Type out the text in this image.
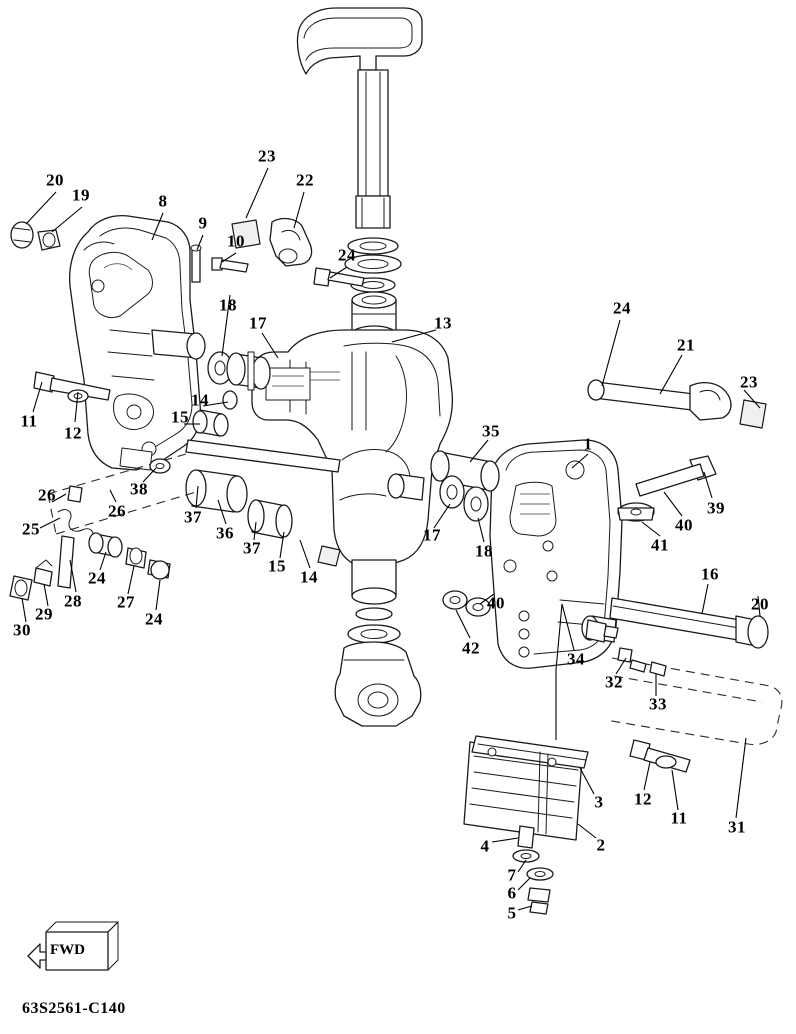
FWD
63S2561-C140
23
22
20
19	8
9
10
24
18
17	13
24
21
23
11
12
14
15
35
1
38
26
26
25
37
36
37
15
14
17
18
39
40
41
24
27
28
29
30
24
16
20
40
42
34
32
33
3 12
11 31
2
4
7
6
5
